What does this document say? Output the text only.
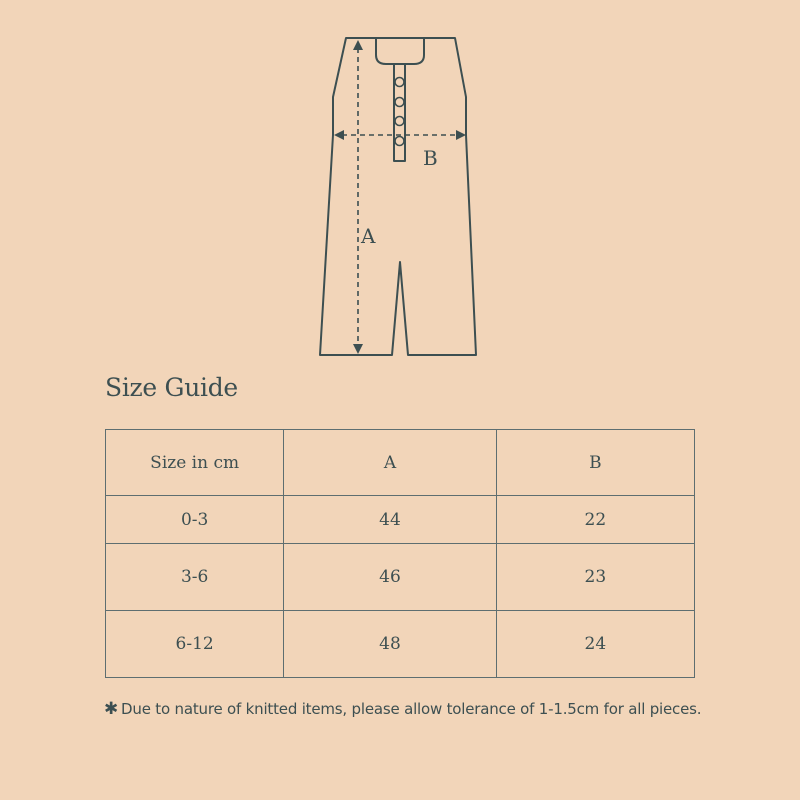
A
B
Size Guide
Size in cm	A	B
0-3	44	22
3-6	46	23
6-12	48	24
✱ Due to nature of knitted items, please allow tolerance of 1-1.5cm for all pieces.
